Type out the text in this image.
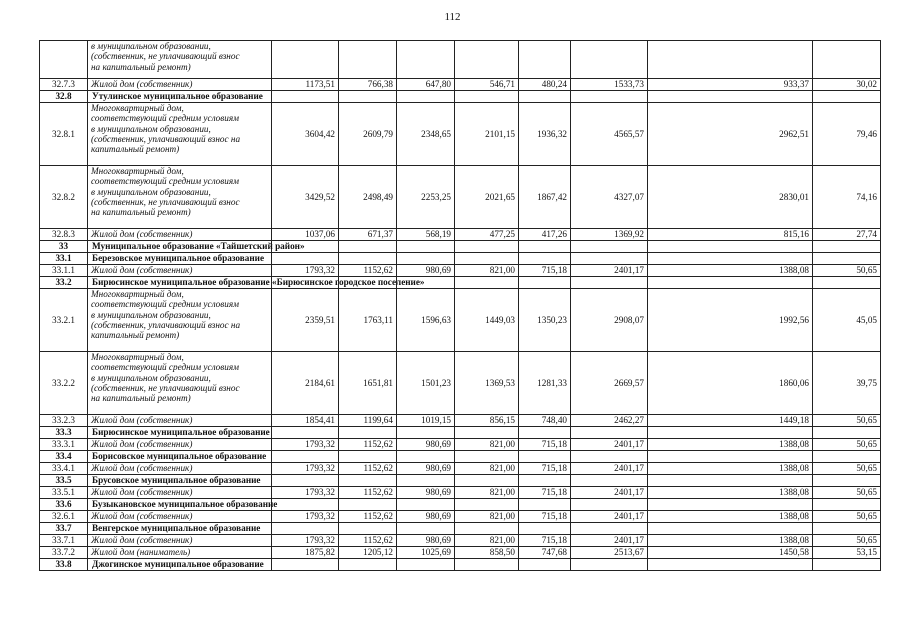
112

	в муниципальном образовании,
(собственник, не уплачивающий взнос
на капитальный ремонт)								

32.7.3	Жилой дом (собственник)	1173,51	766,38	647,80	546,71	480,24	1533,73	933,37	30,02
32.8	Утулинское муниципальное образование								
32.8.1	Многоквартирный дом,
соответствующий средним условиям
в муниципальном образовании,
(собственник, уплачивающий взнос на
капитальный ремонт)	3604,42	2609,79	2348,65	2101,15	1936,32	4565,57	2962,51	79,46
32.8.2	Многоквартирный дом,
соответствующий средним условиям
в муниципальном образовании,
(собственник, не уплачивающий взнос
на капитальный ремонт)	3429,52	2498,49	2253,25	2021,65	1867,42	4327,07	2830,01	74,16
32.8.3	Жилой дом (собственник)	1037,06	671,37	568,19	477,25	417,26	1369,92	815,16	27,74
33	Муниципальное образование «Тайшетский район»								
33.1	Березовское муниципальное образование								
33.1.1	Жилой дом (собственник)	1793,32	1152,62	980,69	821,00	715,18	2401,17	1388,08	50,65
33.2	Бирюсинское муниципальное образование «Бирюсинское городское поселение»								
33.2.1	Многоквартирный дом,
соответствующий средним условиям
в муниципальном образовании,
(собственник, уплачивающий взнос на
капитальный ремонт)	2359,51	1763,11	1596,63	1449,03	1350,23	2908,07	1992,56	45,05
33.2.2	Многоквартирный дом,
соответствующий средним условиям
в муниципальном образовании,
(собственник, не уплачивающий взнос
на капитальный ремонт)	2184,61	1651,81	1501,23	1369,53	1281,33	2669,57	1860,06	39,75
33.2.3	Жилой дом (собственник)	1854,41	1199,64	1019,15	856,15	748,40	2462,27	1449,18	50,65
33.3	Бирюсинское муниципальное образование								
33.3.1	Жилой дом (собственник)	1793,32	1152,62	980,69	821,00	715,18	2401,17	1388,08	50,65
33.4	Борисовское муниципальное образование								
33.4.1	Жилой дом (собственник)	1793,32	1152,62	980,69	821,00	715,18	2401,17	1388,08	50,65
33.5	Брусовское муниципальное образование								
33.5.1	Жилой дом (собственник)	1793,32	1152,62	980,69	821,00	715,18	2401,17	1388,08	50,65
33.6	Бузыкановское муниципальное образование								
32.6.1	Жилой дом (собственник)	1793,32	1152,62	980,69	821,00	715,18	2401,17	1388,08	50,65
33.7	Венгерское муниципальное образование								
33.7.1	Жилой дом (собственник)	1793,32	1152,62	980,69	821,00	715,18	2401,17	1388,08	50,65
33.7.2	Жилой дом (наниматель)	1875,82	1205,12	1025,69	858,50	747,68	2513,67	1450,58	53,15
33.8	Джогинское муниципальное образование								
